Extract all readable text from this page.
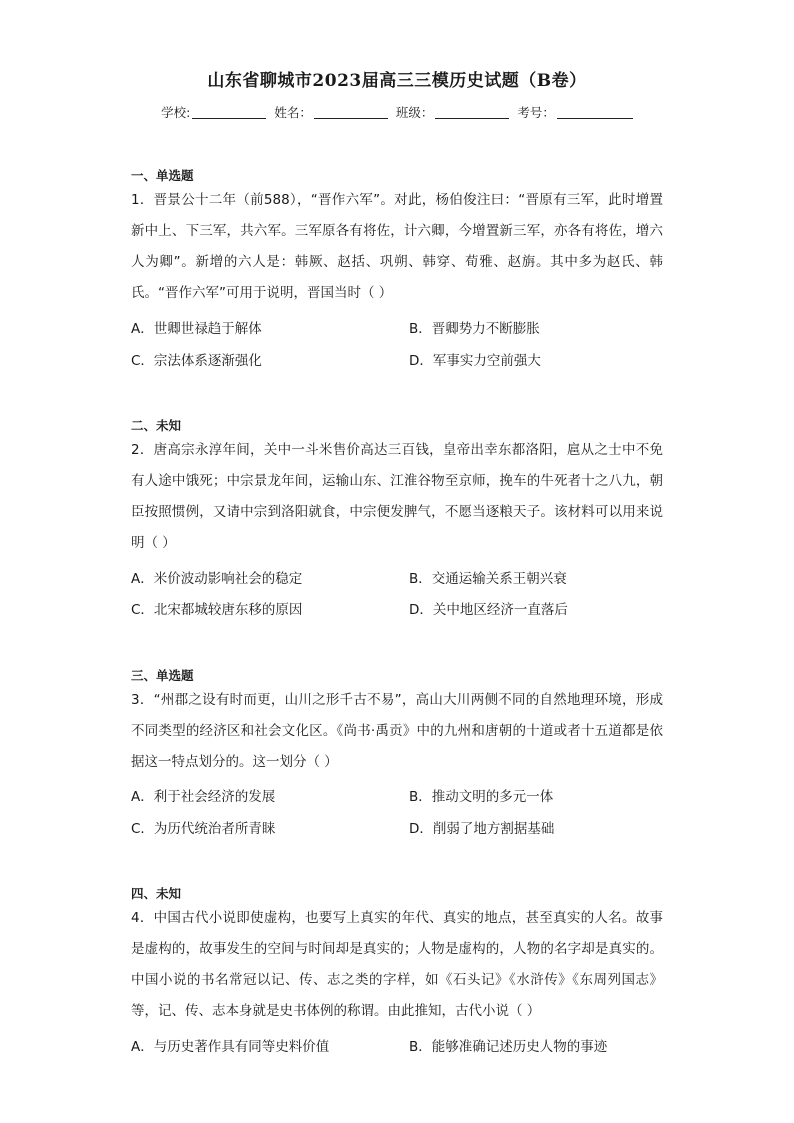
山东省聊城市2023届高三三模历史试题（B卷）
学校:	姓名：	班级：	考号：
一、单选题
1．晋景公十二年（前588），“晋作六军”。对此，杨伯俊注曰：“晋原有三军，此时增置新中上、下三军，共六军。三军原各有将佐，计六卿，今增置新三军，亦各有将佐，增六人为卿”。新增的六人是：韩厥、赵括、巩朔、韩穿、荀雅、赵旃。其中多为赵氏、韩氏。“晋作六军”可用于说明，晋国当时（ ）
A．世卿世禄趋于解体	B．晋卿势力不断膨胀
C．宗法体系逐渐强化	D．军事实力空前强大
二、未知
2．唐高宗永淳年间，关中一斗米售价高达三百钱，皇帝出幸东都洛阳，扈从之士中不免有人途中饿死；中宗景龙年间，运输山东、江淮谷物至京师，挽车的牛死者十之八九，朝臣按照惯例，又请中宗到洛阳就食，中宗便发脾气，不愿当逐粮天子。该材料可以用来说明（ ）
A．米价波动影响社会的稳定	B．交通运输关系王朝兴衰
C．北宋都城较唐东移的原因	D．关中地区经济一直落后
三、单选题
3．“州郡之设有时而更，山川之形千古不易”，高山大川两侧不同的自然地理环境，形成不同类型的经济区和社会文化区。《尚书·禹贡》中的九州和唐朝的十道或者十五道都是依据这一特点划分的。这一划分（ ）
A．利于社会经济的发展	B．推动文明的多元一体
C．为历代统治者所青睐	D．削弱了地方割据基础
四、未知
4．中国古代小说即使虚构，也要写上真实的年代、真实的地点，甚至真实的人名。故事是虚构的，故事发生的空间与时间却是真实的；人物是虚构的，人物的名字却是真实的。中国小说的书名常冠以记、传、志之类的字样，如《石头记》《水浒传》《东周列国志》等，记、传、志本身就是史书体例的称谓。由此推知，古代小说（ ）
A．与历史著作具有同等史料价值	B．能够准确记述历史人物的事迹
